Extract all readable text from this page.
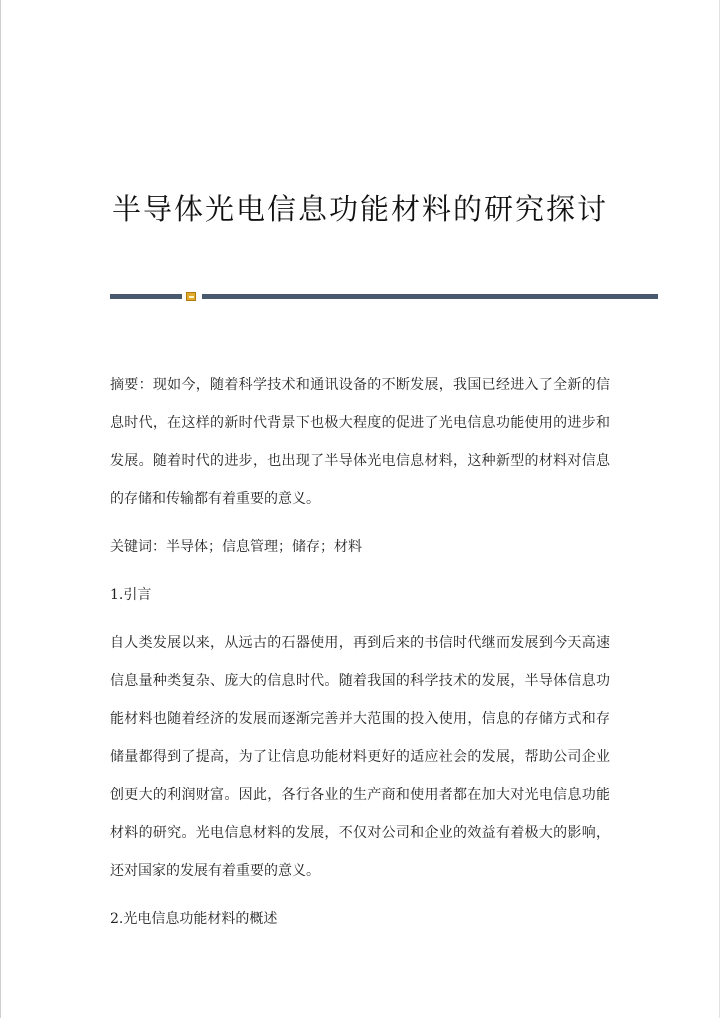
半导体光电信息功能材料的研究探讨

摘要：现如今，随着科学技术和通讯设备的不断发展，我国已经进入了全新的信息时代，在这样的新时代背景下也极大程度的促进了光电信息功能使用的进步和发展。随着时代的进步，也出现了半导体光电信息材料，这种新型的材料对信息的存储和传输都有着重要的意义。

关键词：半导体；信息管理；储存；材料

1.引言

自人类发展以来，从远古的石器使用，再到后来的书信时代继而发展到今天高速信息量种类复杂、庞大的信息时代。随着我国的科学技术的发展，半导体信息功能材料也随着经济的发展而逐渐完善并大范围的投入使用，信息的存储方式和存储量都得到了提高，为了让信息功能材料更好的适应社会的发展，帮助公司企业创更大的利润财富。因此，各行各业的生产商和使用者都在加大对光电信息功能材料的研究。光电信息材料的发展，不仅对公司和企业的效益有着极大的影响，还对国家的发展有着重要的意义。

2.光电信息功能材料的概述
